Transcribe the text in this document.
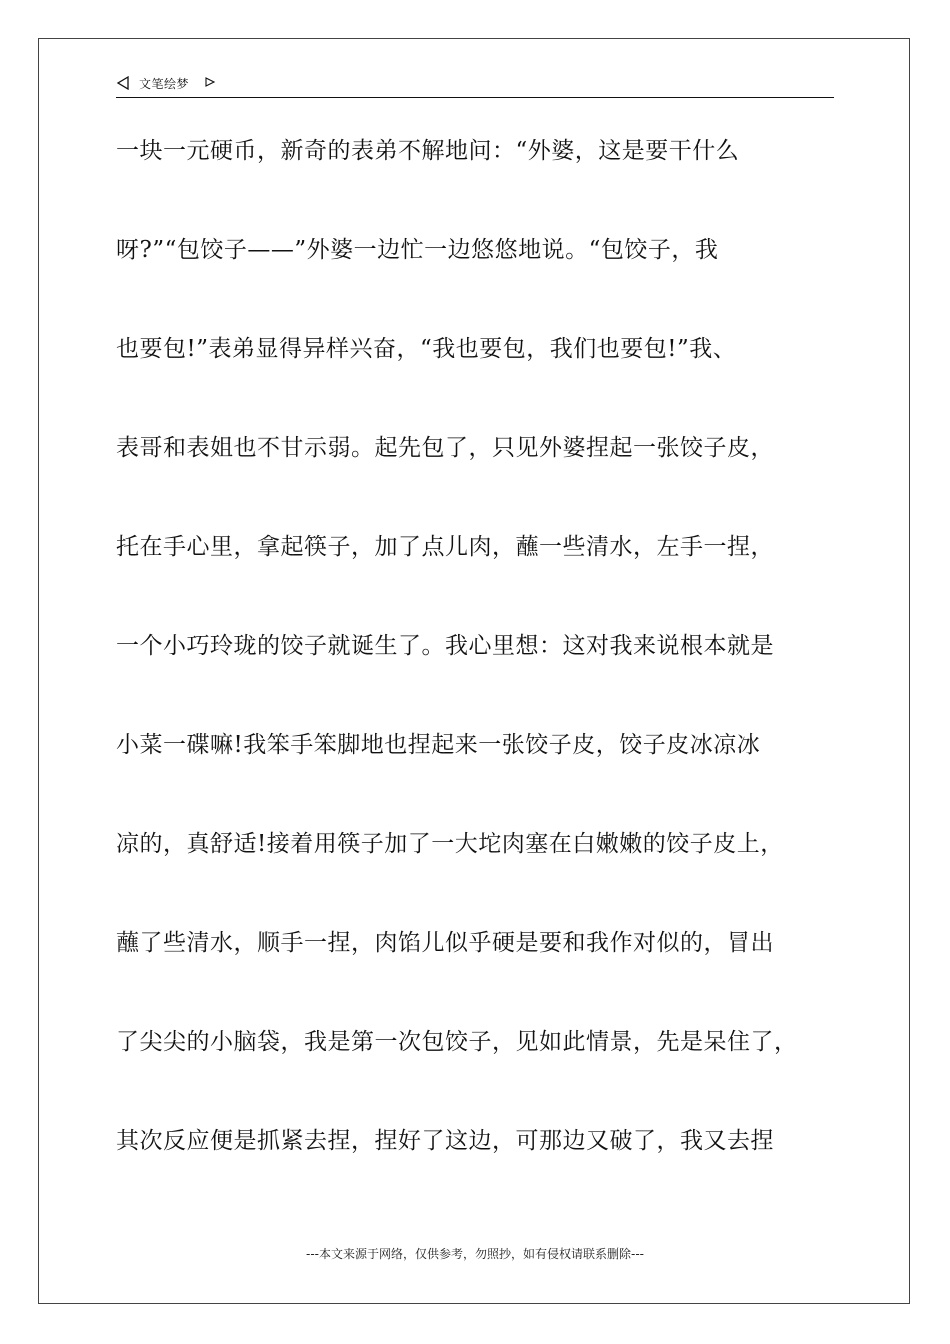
文笔绘梦
一块一元硬币，新奇的表弟不解地问：“外婆，这是要干什么
呀?”“包饺子——”外婆一边忙一边悠悠地说。“包饺子，我
也要包!”表弟显得异样兴奋，“我也要包，我们也要包!”我、
表哥和表姐也不甘示弱。起先包了，只见外婆捏起一张饺子皮，
托在手心里，拿起筷子，加了点儿肉，蘸一些清水，左手一捏，
一个小巧玲珑的饺子就诞生了。我心里想：这对我来说根本就是
小菜一碟嘛!我笨手笨脚地也捏起来一张饺子皮，饺子皮冰凉冰
凉的，真舒适!接着用筷子加了一大坨肉塞在白嫩嫩的饺子皮上，
蘸了些清水，顺手一捏，肉馅儿似乎硬是要和我作对似的，冒出
了尖尖的小脑袋，我是第一次包饺子，见如此情景，先是呆住了，
其次反应便是抓紧去捏，捏好了这边，可那边又破了，我又去捏
---本文来源于网络，仅供参考，勿照抄，如有侵权请联系删除---
